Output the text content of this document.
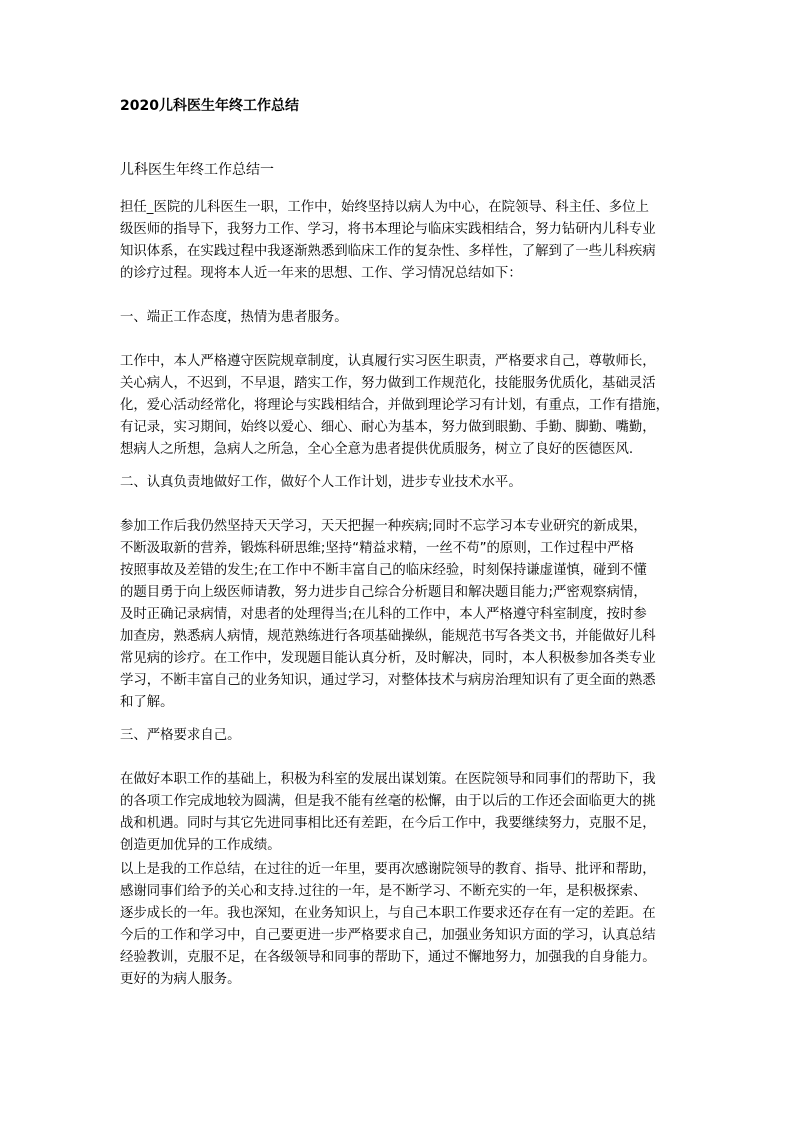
2020儿科医生年终工作总结
儿科医生年终工作总结一
担任_医院的儿科医生一职，工作中，始终坚持以病人为中心，在院领导、科主任、多位上
级医师的指导下，我努力工作、学习，将书本理论与临床实践相结合，努力钻研内儿科专业
知识体系，在实践过程中我逐渐熟悉到临床工作的复杂性、多样性，了解到了一些儿科疾病
的诊疗过程。现将本人近一年来的思想、工作、学习情况总结如下：
一、端正工作态度，热情为患者服务。
工作中，本人严格遵守医院规章制度，认真履行实习医生职责，严格要求自己，尊敬师长，
关心病人，不迟到，不早退，踏实工作，努力做到工作规范化，技能服务优质化，基础灵活
化，爱心活动经常化，将理论与实践相结合，并做到理论学习有计划，有重点，工作有措施，
有记录，实习期间，始终以爱心、细心、耐心为基本，努力做到眼勤、手勤、脚勤、嘴勤，
想病人之所想，急病人之所急，全心全意为患者提供优质服务，树立了良好的医德医风.
二、认真负责地做好工作，做好个人工作计划，进步专业技术水平。
参加工作后我仍然坚持天天学习，天天把握一种疾病;同时不忘学习本专业研究的新成果，
不断汲取新的营养，锻炼科研思维;坚持“精益求精，一丝不苟”的原则，工作过程中严格
按照事故及差错的发生;在工作中不断丰富自己的临床经验，时刻保持谦虚谨慎，碰到不懂
的题目勇于向上级医师请教，努力进步自己综合分析题目和解决题目能力;严密观察病情，
及时正确记录病情，对患者的处理得当;在儿科的工作中，本人严格遵守科室制度，按时参
加查房，熟悉病人病情，规范熟练进行各项基础操纵，能规范书写各类文书，并能做好儿科
常见病的诊疗。在工作中，发现题目能认真分析，及时解决，同时，本人积极参加各类专业
学习，不断丰富自己的业务知识，通过学习，对整体技术与病房治理知识有了更全面的熟悉
和了解。
三、严格要求自己。
在做好本职工作的基础上，积极为科室的发展出谋划策。在医院领导和同事们的帮助下，我
的各项工作完成地较为圆满，但是我不能有丝毫的松懈，由于以后的工作还会面临更大的挑
战和机遇。同时与其它先进同事相比还有差距，在今后工作中，我要继续努力，克服不足，
创造更加优异的工作成绩。
以上是我的工作总结，在过往的近一年里，要再次感谢院领导的教育、指导、批评和帮助，
感谢同事们给予的关心和支持.过往的一年，是不断学习、不断充实的一年，是积极探索、
逐步成长的一年。我也深知，在业务知识上，与自己本职工作要求还存在有一定的差距。在
今后的工作和学习中，自己要更进一步严格要求自己，加强业务知识方面的学习，认真总结
经验教训，克服不足，在各级领导和同事的帮助下，通过不懈地努力，加强我的自身能力。
更好的为病人服务。
